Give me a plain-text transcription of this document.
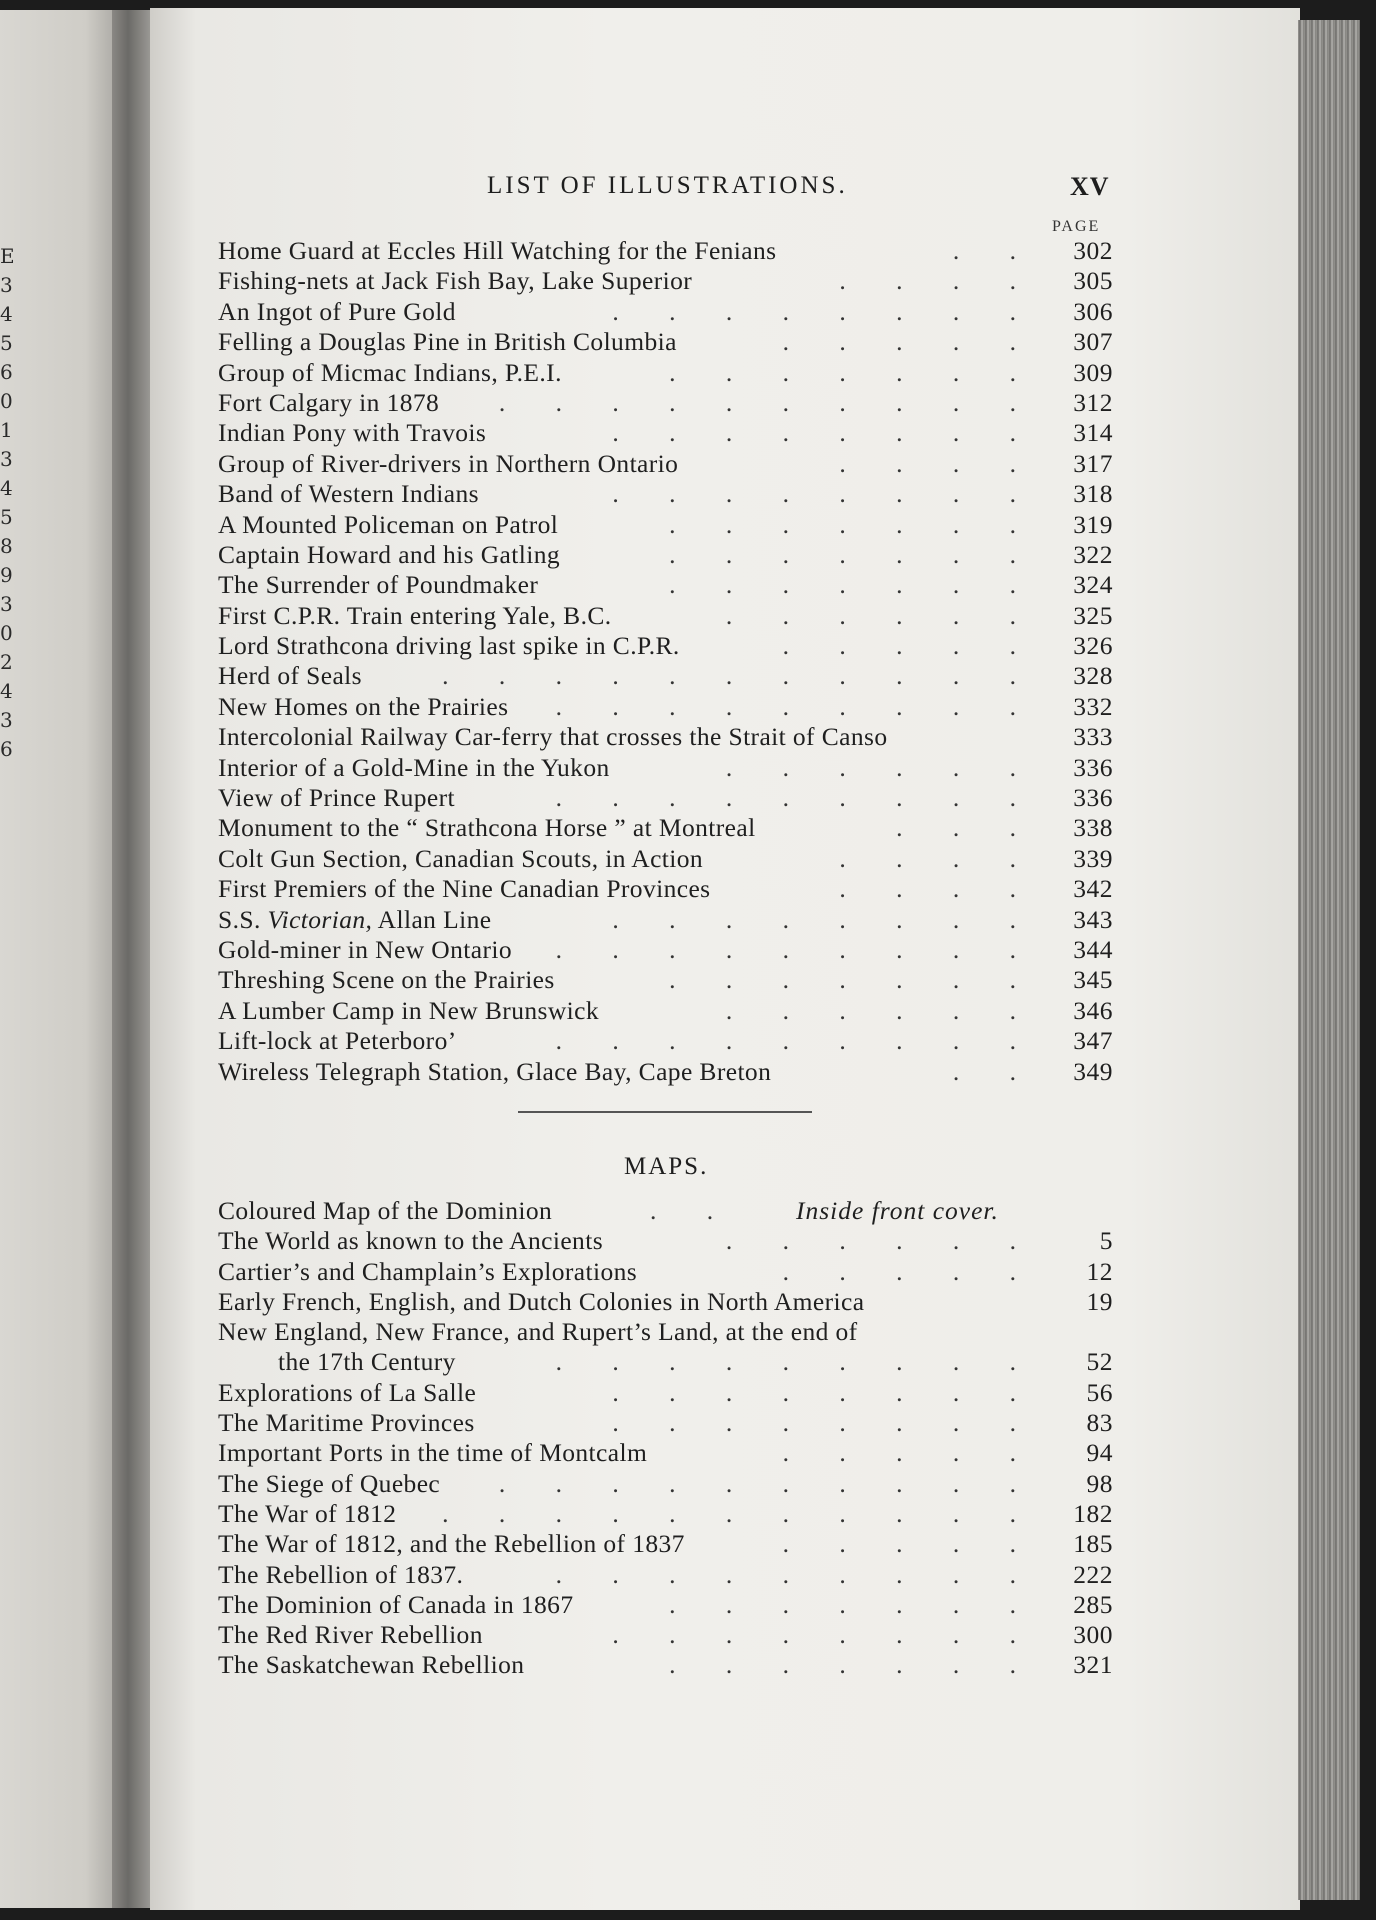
E
3
4
5
6
0
1
3
4
5
8
9
3
0
2
4
3
6
LIST OF ILLUSTRATIONS.	XV
PAGE
Home Guard at Eccles Hill Watching for the Fenians	. .	302
Fishing-nets at Jack Fish Bay, Lake Superior	. . . .	305
An Ingot of Pure Gold	. . . . . . . .	306
Felling a Douglas Pine in British Columbia	. . . . .	307
Group of Micmac Indians, P.E.I.	. . . . . . .	309
Fort Calgary in 1878	. . . . . . . . . .	312
Indian Pony with Travois	. . . . . . . .	314
Group of River-drivers in Northern Ontario	. . . .	317
Band of Western Indians	. . . . . . . .	318
A Mounted Policeman on Patrol	. . . . . . .	319
Captain Howard and his Gatling	. . . . . . .	322
The Surrender of Poundmaker	. . . . . . .	324
First C.P.R. Train entering Yale, B.C.	. . . . . .	325
Lord Strathcona driving last spike in C.P.R.	. . . . .	326
Herd of Seals	. . . . . . . . . . .	328
New Homes on the Prairies	. . . . . . . . .	332
Intercolonial Railway Car-ferry that crosses the Strait of Canso	333
Interior of a Gold-Mine in the Yukon	. . . . . .	336
View of Prince Rupert	. . . . . . . . .	336
Monument to the “ Strathcona Horse ” at Montreal	. . .	338
Colt Gun Section, Canadian Scouts, in Action	. . . .	339
First Premiers of the Nine Canadian Provinces	. . . .	342
S.S. Victorian, Allan Line	. . . . . . . .	343
Gold-miner in New Ontario	. . . . . . . . .	344
Threshing Scene on the Prairies	. . . . . . .	345
A Lumber Camp in New Brunswick	. . . . . .	346
Lift-lock at Peterboro’	. . . . . . . . .	347
Wireless Telegraph Station, Glace Bay, Cape Breton	. .	349
MAPS.
Coloured Map of the Dominion	Inside front cover.
. .
The World as known to the Ancients	. . . . . .	5
Cartier’s and Champlain’s Explorations	. . . . .	12
Early French, English, and Dutch Colonies in North America	19
New England, New France, and Rupert’s Land, at the end of
the 17th Century	. . . . . . . . .	52
Explorations of La Salle	. . . . . . . .	56
The Maritime Provinces	. . . . . . . .	83
Important Ports in the time of Montcalm	. . . . .	94
The Siege of Quebec	. . . . . . . . . .	98
The War of 1812	. . . . . . . . . . .	182
The War of 1812, and the Rebellion of 1837	. . . . .	185
The Rebellion of 1837.	. . . . . . . . .	222
The Dominion of Canada in 1867	. . . . . . .	285
The Red River Rebellion	. . . . . . . .	300
The Saskatchewan Rebellion	. . . . . . .	321
